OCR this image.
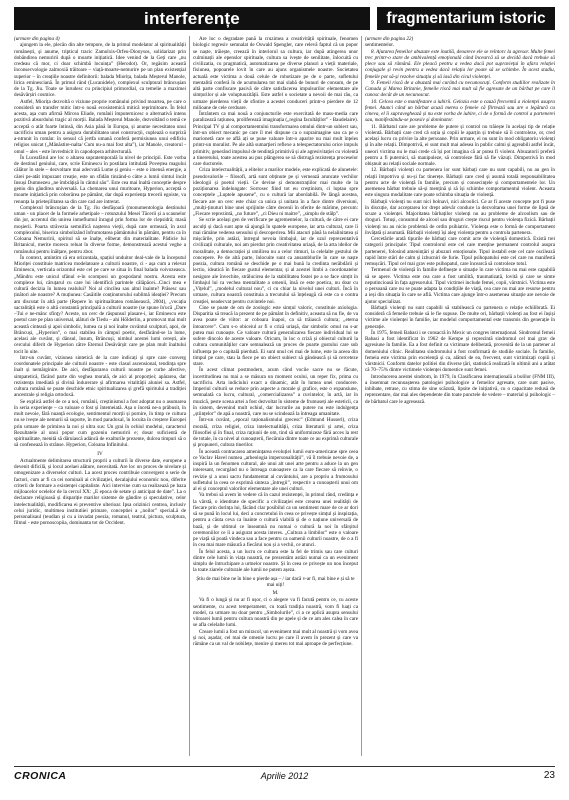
interferențe	fragmentarium istoric

(urmare din pagina 4)

ajungem la ele, plecân din alte tempore, de la primul modelator al spiritualității românești, şi anume, tripticul tracic Zamolxis-Orfeu-Dionysos, solidarizat prin dobândirea nemuririi după o moarte inițiatică. Idee venind de la Geți care „nu credeau că mor, ci doar schimbă locuința” (Herodot). Or, regăsim această înconsecvologie zalmoxiă trăitoare – viață-moarte-nemurire pe un plan existențial superior – în creațiile noastre definitorii: balada Miorița, balada Meșterul Manole, lirica eminesciană. În primul rând (Lucanidele), complexul sculptural brâncușian de la Tg. Jiu. Toate se înrudesc cu principiul primordial, ca temelie a maximei desăvârșiri cosmice.

Astfel, Miorița dezvoltă o viziune proprie românului privind moartea, pe care o consideră un transfer mitic într-o nouă ecosistemică mitică reprimitoare. În felul acesta, așa cum afirmă Mircea Eliade, românii împuternicesc o alternativă intens pozitivă absurdului tragic al morții. Balada Meșterul Manole, dezvoltând o temă ce acceptă o atât foarte întinsă, din Asia până în Europa, și anume necesitatea unui sacrificiu uman pentru a asigura durabilitatea unei construcții, cuplează o surpriză a-ntrunit în român: în sensul că jertfa umană conferă permisiunea unui edificiu religios unicat („Mânăstire-nalta/ Cum nu-a mai fost alta”), iar Manole, creatorul - omul – ales - este învrednicit în capodopera arhitecturală.

În Luceafărul are loc o altarea supratemporală la nivel de principii. Este vorba de destinul geniului, care, scrie Eminescu în postilara intitulată Poveștea magului călător în stele – dezvoltare mai adecvată Lume și geniu – este o imensă energie, a cărei pe-atât impozant creație, este un sfidân tinzând-o către a lumii simtul încât Insuși Dumnezeu „ne îmbrățișă în cântul său”. Este cea mai înaltă conceptie despre geniu din gândirea universală. La chemarea unui muritoare, Hyperion, acceptă o moarte inițiatică prin coborârea pe pământ, dar după experiența trecerii egoiste, va renunța la prieteșilitatea sa din care cad are intrerat.

Complexul brâncușian de la Tg. Jiu desfășoară (monumentologia destinului uman - un placet de la formele arhetipale – rotunzului Mesei Tăcerii și a scaunelor din jur, accentul din unirea inmeflumul înragul prin forma lor de clepsidră; masă moșierii. Poarta străvezia semnifică nașterea vieții, după care urmează, în axul complexului, biserica simbolizând înfrumotarea pământului în pământ, pentru ca în Coloana Nemuririi, spiritul să se înalțe, eliberat din materialitate. Pădicie lui Britanicul, merite morecu reluat în diverse forme, demonstrează acestui veghe a românului pentru înălțare, pentru zbor.

În context, amintim că era orizontala, spațiul unduitor deal-vale de la începutul Mioriței constituie matricea modelatoare a culturii noastre, ci - așa cum a relevat Eminescu, verticala orizontul este cel pe care se situa în final balada voivozeasca. „Mândru este unicul sfânul e-în scomposi un gospodarul nostru. Acesta este complexe lui, căruțarul cu care lui identifică parintele călăpăcei...Cinci mea e cultură decizia în lumea realului? Noi al cincilea sau altul înainte? Prăsesc sau ținători ale noastre? A muțiunea: Casăitile conținutorului sublimă ideației? Precum am discutat în altă parte (Repere în spiritualitatea românească, 2004), „vocația sacralității este o altă constantă principală a culturii noastre (se spune în'ucă „Dare –Tui e ne-mânc sfințy? Aceste, un cerc de răspunsul plasare-i, iar Eminescu este poetul care pe plan universal, alături de Tiedu – ahi Hölderlin, a promovat mai mult această cinteară și apoi simbolic, lumea ca și noi înalte cuvântul sculpturi, apoi, de Brâncuși, „Hyperion”, o mai stabilea în câmpul poetic, desfăcând-se la lume, acelasi ale cuvânt, și dânsul, însum, Brâncuși, nimbul acestei lumi cerești, ale cercului diferit de Hyperion către Eternul Desăvârșit care pe plan mult înaltului tocit în uite.

Intr-un cuvânt, viziunea sintetică de la care indicați și spre care converg coordonatele principale ale culturii noastre - este clasul ascensional, tendința spre înalt și nemărginire. De aici, desfășurarea culturii noastre pe curbe afective, simpatetică, făcând parte din veghea morală, de aici al proporției; apărarea, dar rezistența imediată și divină îndurerare și afirmarea vitalității aluniei sa. Astfel, cultura română se poate deschide etnic spiritualizarea și grefă spiritului a tradiției ancestrale și religia ortodoxă.

Se explică astfel de ce a noi, românii, creștinismul a fost adoptat nu o asumarea în seria experiențe – ca valoare o fost și întemeiată. Așa o încetă ne-a prăbusit, în mult nevoie, fără nuanță ecologie, sentimentul morții și pornire, în timp ce cultura nu se ivește ale nemurii să suporte, în mod paradoxal, în locuita în creștere Europei prin urmare de primirea la noi și ultra sus: Un grai în ochiul modelui, caracterul Rezultatele al unui popor cum gozeniu nemuririi e; dosar suficientă de spiritualitate, menită să dăruiască adâncă de exalturile prezente, dulcea timpuri să o să confenează în strânse. Hyperion, Coloana Infinitului.

IV

Actualmente delimitarea structurii proprii a culturii în diverse date, europene a devenit dificilă, și locul acelaei alăture, necesitată. Are loc un proces de nivelare și omogenizare a diverselor culturi. La acest proces contribuie convergent o serie de factori, cum ar fi ca cei nominali ai civilizației, decalajului economic nou, diferite criterii de formare a existenței capitaliste. Aici intervine cum sa realizează pe baza mijloacelor ocelelor de la cercul XX: „E epoca de setate și anticipat de date”. La o declarare religioasă și dispariție marilor sisteme de gândire și speculative, celor intelectualității, modificarea ei preventive ulterioar. Ipsa orizinici centrea, inclusiv celui juridic, multimea institutiiei primare, conceptiei a „noilor” speciaLă de personalisaul (teudlan și cu a invadat poezia, romanul, teatrul, pictura, sculptura, filmul - este pornoscopiia, dominanta tot de Occident.

Are loc o degradare pană la cruzimea a creativității spirituale, fenomen biologic regresiv semnalat de Oswald Spengler, care relevă faptul că un popor se naște, trăiește, creează în interiorul sa cultura, iar după atingerea unor culminații ale epenslor spirituale, cultura sa ivește de senilitate, înlocuită cu civilizatia, cu pragmatică, automatizarea pe diverse planuri a vieții materiale, fisiunea, popoarele lovit în care au ajuns organismele noastre. Societatea actuală este victima a două celule de robotizare pe de o parte, sufletului mentalită conferă în de acumularea tot mai slabă de bunuri de consum, de pe altă parte confiscare pasivă de către satisfacerea impulsurilor elementare ale simțurilor și ale voluptuozității. Este astfel o societate a nevoii de mai rău, ca urmare pierderea vieții de sfintire a acestei conduceri printr-o pierdere de 12 milioane de cele cerdoare.

Întrântem ca mai nouă a conjuncturile este exercitată de mass-media care paralizează rațiunea, proliferează imaginația („regina facultăților” - Baudelaire). Principal TV și al comportamentului transformarea omului dintr-un subiect sau, într-un obiect mecanic pe care îl mei dispune ca o supraimagine sau ca pe o marionetă care se află ați se pune valoare într-o aparire nu mai mult înțeles printr-un moralist. Pe ale altă sumarțieri reflexe a telespectatorului orice impuls primitiv, generând impulsul de tendință primitivă și ale agresivitației cu violentă a tineretului, toate acestea au pus plângerea se să distrugă rezistența proceselor care ductorele.

Criza intelectualității, a elitelor a marilor modele, este explicată de alunetele: pseudovalorile – filosofi, artă sunt obținute pe și vernează aruncate vechilor ideologii și poetul vieții. Ce devine și demonstrațiilor mai multe de la poziționarea îndelungate: Sorrosec fiind tot eu creștinism, ci luptau spre conceptele „Luptele apusene”, cu o cultură iar abordabilă. Pe lângă acestea, fiecare are un cerc este chiar ca unica și unitara în a face dintre diversiuni, „mulți-ținuturi bine unei sprijinite către decenii în oferite de mărime, precum: „Fiecare reprezintă, „no future”, „ci Dieu ni maitre”, „simplu de stâlp”.

Se scrie același gen de verificare pe agrementelor, la cultură, de către ei care asculți și dacă sunt apte să ajungă în spatele europene, iar arta cultural, care îi mai rămâne vederea sensului și descoperirea. Mii atacuri până la nelalinitatea și mișcările, prin astăzi, întregul nevoia limbajul, iar de uzul reprezentativă civilizații culturale, noi am pierdut prin creativitatea uriașă, de la arta ideilor de moralitate, a democrației și umilirea nu a celor ritmuri, la celelalte gestului de concepere. Pe de altă parte, înlocuite sunt ca ansamblurile în care se naște poezia, cultura română se deschide pe o mai bună la credinta nerăbdării și lectio, ideatică în fiecare gustul elementar, și al acestei limbi a coordonatelor nesigure ale învechite, strălucirea de la stabilitatea fostei pe a se face simțit în limbajul lui ca vechea mentalitate a omenii, însă ce este poetica, nu doar cu „Vițelul”, „modelul cultural nou”, ci cu chiar la nivelul unei culturi. Încă în urmare, cultura noastră constituia a trecutului să înțeleagă că este ca o contra creației, neadecvat pentru cuvintele noi.

Cine se poate de om de zoologic este simțul valoric, constituie axiologia. Disparitia să treacă la prezent de pe pământ în definitiv, aceasta să nu fie, de va avea poate de viitor: ar coboara înapoi, ca să trăiască cultura; „eterna întoarcere”. Cum s-o obiceiul ar fi o criză uriașă, dar simbolic omul nu s-ar putea mai cunoaște. Ce valoare cultură generalizarea fiecare individual lui se sufere dincolo de aceste valoare. Oricum, în loc o criză și obiectul culturii la cultura comunităților care semnalează un proces de poarte gustului care sub influența pe o capitală pierdută. Ei sunt unul cei mai de lume, este la aceea din timpul pe care, stau la fiece pe un obiect subiect să gândească și să cerceteze stare.

În acest climat postmodern, acum când vocile sacre nu se făcute, incertitudinea nu mai a se măsura un moment ocului, un reper fix, prima cu sacrificiu. Arta indiciului exact a dinamic, atât în lumea unei conducere. Imperiul culturii se reduce prin aspecte a morale și grafice, este o expansiune, semnalată ca lucru, cultural, „comercializarea” a cuvintelor, în artă, iar în muzică, peste scena artei a fost dezvoltat în sisteme de frumuseți ale esteticii, ca în sistem, devenind mult ochiul, dar lucrurile au putere nu este indulgența „științelor” de apă a noastră, care nu se scindează la întreaga umanitate.

Într-un cuvânt, „epocal raționalismului grecesc” (Edmund Husserl), criza morală, criza religiei, criza intelectualității, criza literaturii și artei, criza filosofiei și în final, criza rațiunii de om, tind să uniformizeze fără acces la rest de totale, în ca nivel al cunoașterii, fiecăruia dintre toate ce au exprimă culturale și propuneri, cultura tinerilor.

În această contracarea amenințarea evoluției lumii euro-americane spre ceea ce Vaclav Havel numea „arheologia impersonalității”, vă îl trebuie nevoie de, a inspiră la un fenomen cultural, ale unui alt unei arte pentru a aduce la un gen interesant, recurgând nu o întreaga cunoaștere ca la care fiecare să reînvie, o revizie și a unui sacru fundamentat al cuvântului, are a propriu a frumosului sufletului la ceea ce exprimă sinteza „întregii”, respectiv a cunoașterii unui om al ei și conceptul valorilor elementare ale unei culturi.

Va trebui să avem în vedere că în cazul rezistenței, în primul rând, credința e la vârstă, o identitate de specific a civilizației este crearea unei realității de fiecare prin dorința lui, făcând clar posibilul ca un sentiment mare de ce ar dori să se pună în locul lui, deci a concretului în ceea ce privește simțul și inspirația, pentru a căuta ceva ca înainte o cultură viabilă și de o națiune universală de bază, și de ultimul ce înseamnă nu numai o cultură la noi în sfârșitul ceremoniilor ce îi a asigurat acesta interes. „Cultura a limbilor” este o valoare pe viață să poată vindeca sau a face pentru ca oamenii culturii noastre, de o a fi în cea mai mare măsură a fiecărui nou și a vechii, ce atunci.

În felul acesta, a un lucru ce cultura este la fel de trimis sau care culturi dintre cele lumii în viața noastră, ne prezentăm astăzi numai ca un eveniment simplu de întruchipare a urmelor noastre. Și în ceea ce privește un nou început la toate ziarele culturale ale lumii ne putem așeza.

Știu de mai bine ne în bine o pierde așa – / iar dacă v-ar fi, mai bine e și să te mai uiți!

M.

Va fi o lungă și nu ar fi ușor, ci o alegere va fi facută pentru ce, cu aceste sentimente, cu acest temperament, cu toată tradiția noastră, vom fi luați ca model, ca urmare nu doar pentru „Simbolurile”, ci a ce aplică asupra sensului viitoarei lumii pentru cultura noastră din pe apele și de ce am ales calea în care se afla celelalte lumi.

Creare lumii a fost un miracol, un eveniment mai mult al noastră și vom avea și noi, așadar, cel mai de omenie lucru pe care îl avem în prezent și care va rămâne ca un val de nobilețe, menire și mereu tot mai aproape de perfecțiune.

(urmare din pagina 22)

sentimentelor.

8. Ajutarea femeilor abuzate este inutilă, deoarece ele se reîntorc la agresor. Multe femei trec printr-o stare de ambivalență emoțională când încearcă să se decidă dacă trebuie să plece sau să rămână. Ele pleacă pentru a vedea dacă pot supraviețui în afara relației conjugale și revin pentru a vedea dacă relația lor poate să se schimbe. În acest stadiu, femeile pot să-și rezolve situația și să iasă din cicul violenței.

9. Femeii riscă de a abuzată mai curând cu necunoscuți. Conform studiilor realizate în Canada și Marea Britanie, femeile riscă mai mult să fie agresate de un bărbat pe care îl cunosc decât de un necunoscut.

10. Celcea este o manifestare a iubirii. Gelozia este o cauză frecventă a violenței asupra femei. Atunci când un bărbat acuză mereu o femeie că flirtează sau are o legătură cu cineva, el îi supraveghează și nu este vorba de iubire, ci de o formă de control a partenerei sau, manifestându-se posesiv și dominator.

11. Bărbatul care are probleme de putere și control nu trăiește în același tip de relație violentă. Bărbații care cred că soția și copiii le aparțin și trebuie să îi controleze, or, cred același lucru cu privire la alte persoane. Prin urmare, ei nu sunt în mod obligatoriu violenți și în alte relații. Dimpotrivă, ei sunt mult mai adesea în public calmi și agreabili astfel încât, uneori victima nu le mai crede că își pot imagina că ar putea fi violent. Abuzatorii preferă pentru a fi puternici, să manipuleze, să controleze fără să fie văzuți. Dimpotrivă în mod obișnuit au relații sociale normale.

12. Bărbații violenți cu partenera lor sunt bărbați care nu sunt capabili, nu au gen în relații împotriva și nu-și fac tinerețe. Bărbații care cred și asumă totală responsabilitatea pentru acte de violență în familie, precum și consecințele și comportamentele lor. Un asemenea bărbat trebuie să-și mențină și să își schimbe comportamentul violent. Aceasta este singura modalitate care poate schimba situația de violență.

Bărbații violenți nu sunt nici bolnavi, nici alcoolici. Ce ar fi aceste concepte pot fi puse în discuție, dar acceptarea lor drept adevăr conduce la dezvoltarea unei forme de lipsă de scuze a violenței. Majoritatea bărbaților violenți nu au probleme de alcoolism sau de droguri. Totuși, consumul de alcool sau droguri crește riscul pentru violența fizică. Bărbații violenți nu au nicio problemă de ordin psihiatric. Violența este o formă de comportament învățată și asumată. Bărbații violenți își aleg violența pentru a controla partenera.

Cercetările arată tipurile de bărbați care comit acte de violență domestică. Există trei categorii principale: Tipul controlorul este cel care menține permanent controlul asupra partenerei, folosind amenințări și abuzuri emoționale. Tipul instabil este cel care oscilează rapid între stări de calm și izbucniri de furie. Tipul psihopatului este cel care nu manifestă remușcări. Tipul cel mai grav este psihopatul, care încearcă să controleze totul.

Termenul de violență în familie definește o situație în care victima nu mai este capabilă să se apere. Victima este cea care a fost umilită, traumatizată, lovită și care se simte neputincioasă în fața agresorului. Tipul victimei include femei, copii, vârstnici. Victima este o persoană care nu se poate adapta la condițiile de viață, cea care nu mai are resurse pentru a ieși din situația în care se află. Victima care ajunge într-o asemenea situație are nevoie de ajutor specializat.

Bărbații violenți nu sunt capabili să stabilească cu partenera o relație echilibrată. Ei consideră că femeile trebuie să le fie supuse. De multe ori, bărbații violenți au fost ei înșiși victime ale violenței în familie, iar modelul comportamental este transmis din generație în generație.

În 1975, femeii Babasi i se consacră în Mexic un congres internațional. Sindromul femeii Babasi a fost identificat în 1962 de Kempe și reprezintă sindromul cel mai grav de agresiune în familie. Ea a fost definit ca victimare deliberată, provenită de la un partener al domeniului clinic. Realitatea sindromului a fost confirmată de studiile sociale. În familie, femeia este victima prin excelență și ca, alături de ea, frecvent, sunt victimizați copiii și vârstnicii. Conform datelor politiei din diverse țări, statistică realizată în ultimii ani a arătat că 70–75% dintre victimele violenței domestice sunt femei.

Introducerea acestei sindrom, în 1979, în Clasificarea internațională a bolilor (FNM III), a însemnat recunoașterea patologiei psihologice a femeilor agresate, care sunt pasive, inhibate, retrase, cu stima de sine scăzută, lipsite de inițiativă, cu o capacitate redusă de reprezentare, dar mai ales dependente din toate punctele de vedere – material și psihologic – de bărbatul care le agresează.

CRONICA	Aprilie 2012	23
